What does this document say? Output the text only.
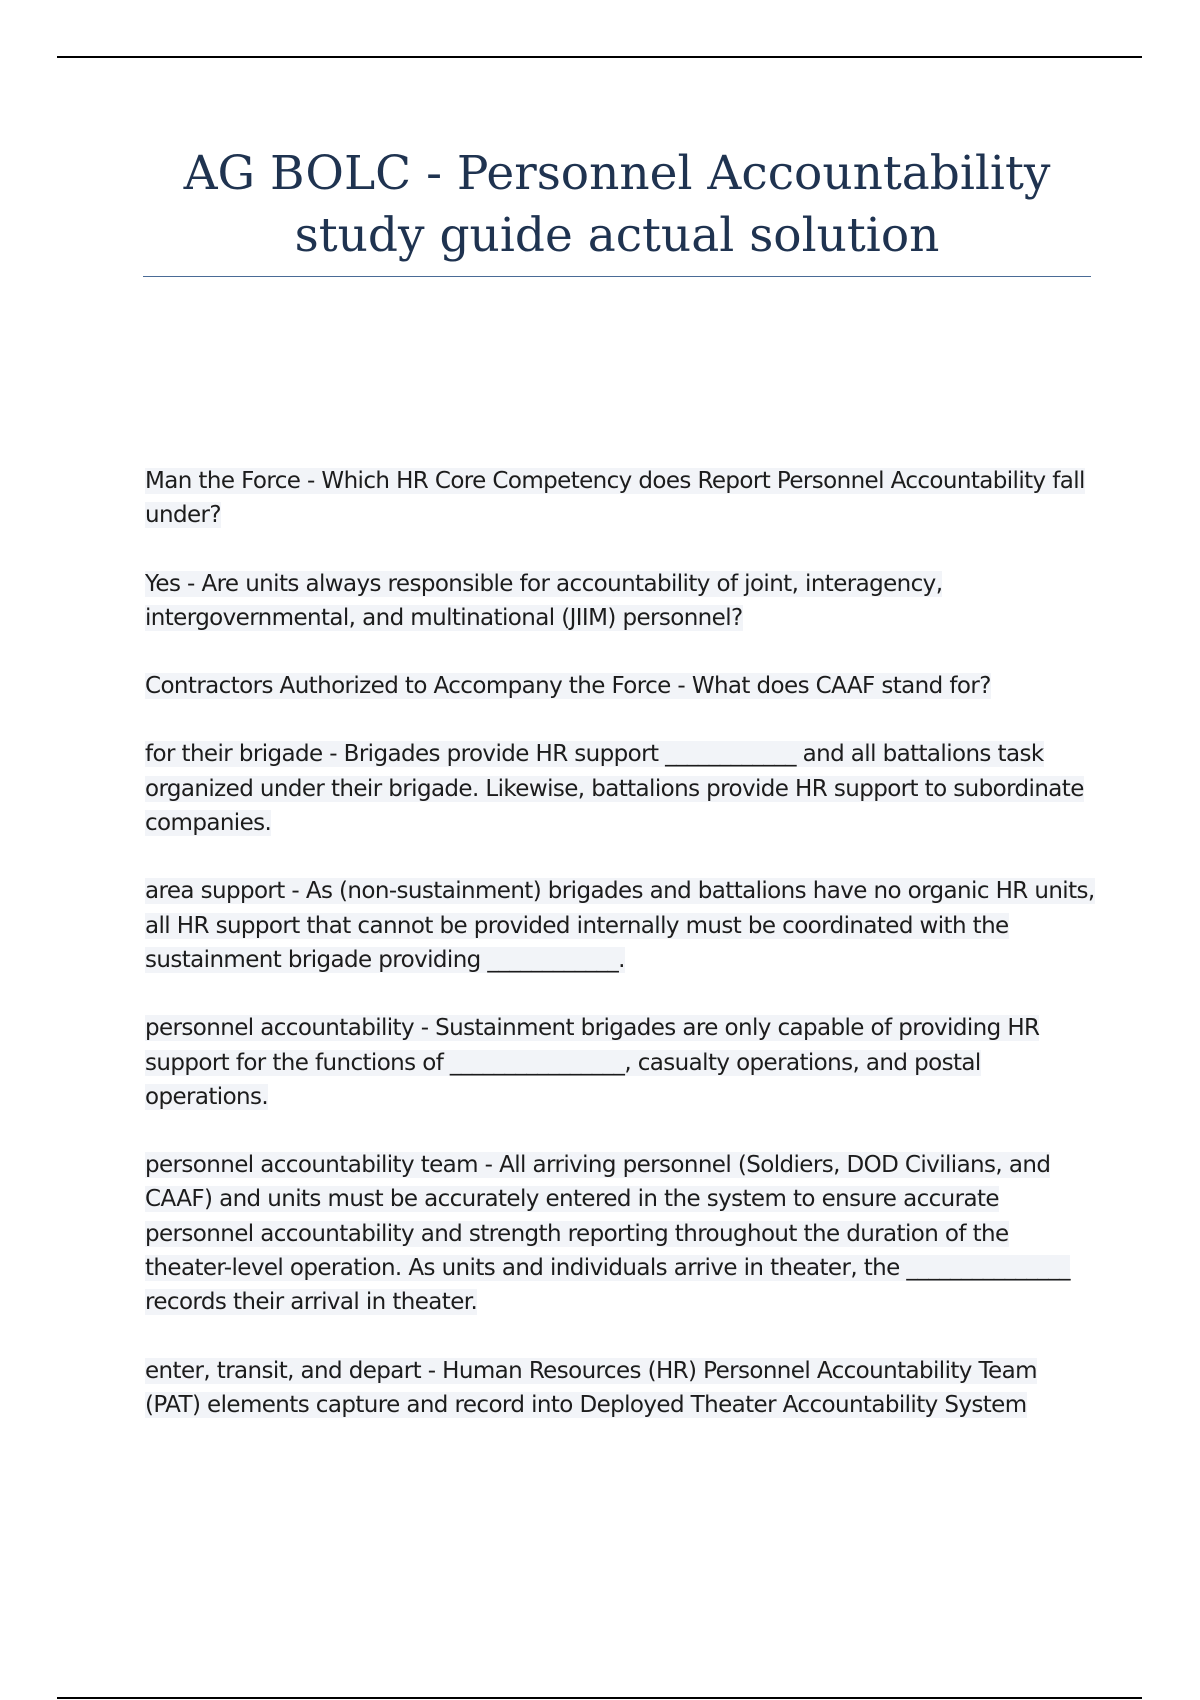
AG BOLC - Personnel Accountability
study guide actual solution
Man the Force - Which HR Core Competency does Report Personnel Accountability fall under?
Yes - Are units always responsible for accountability of joint, interagency, intergovernmental, and multinational (JIIM) personnel?
Contractors Authorized to Accompany the Force - What does CAAF stand for?
for their brigade - Brigades provide HR support ____________ and all battalions task organized under their brigade. Likewise, battalions provide HR support to subordinate companies.
area support - As (non-sustainment) brigades and battalions have no organic HR units, all HR support that cannot be provided internally must be coordinated with the sustainment brigade providing ____________.
personnel accountability - Sustainment brigades are only capable of providing HR support for the functions of ________________, casualty operations, and postal operations.
personnel accountability team - All arriving personnel (Soldiers, DOD Civilians, and CAAF) and units must be accurately entered in the system to ensure accurate personnel accountability and strength reporting throughout the duration of the theater-level operation. As units and individuals arrive in theater, the _______________ records their arrival in theater.
enter, transit, and depart - Human Resources (HR) Personnel Accountability Team (PAT) elements capture and record into Deployed Theater Accountability System
